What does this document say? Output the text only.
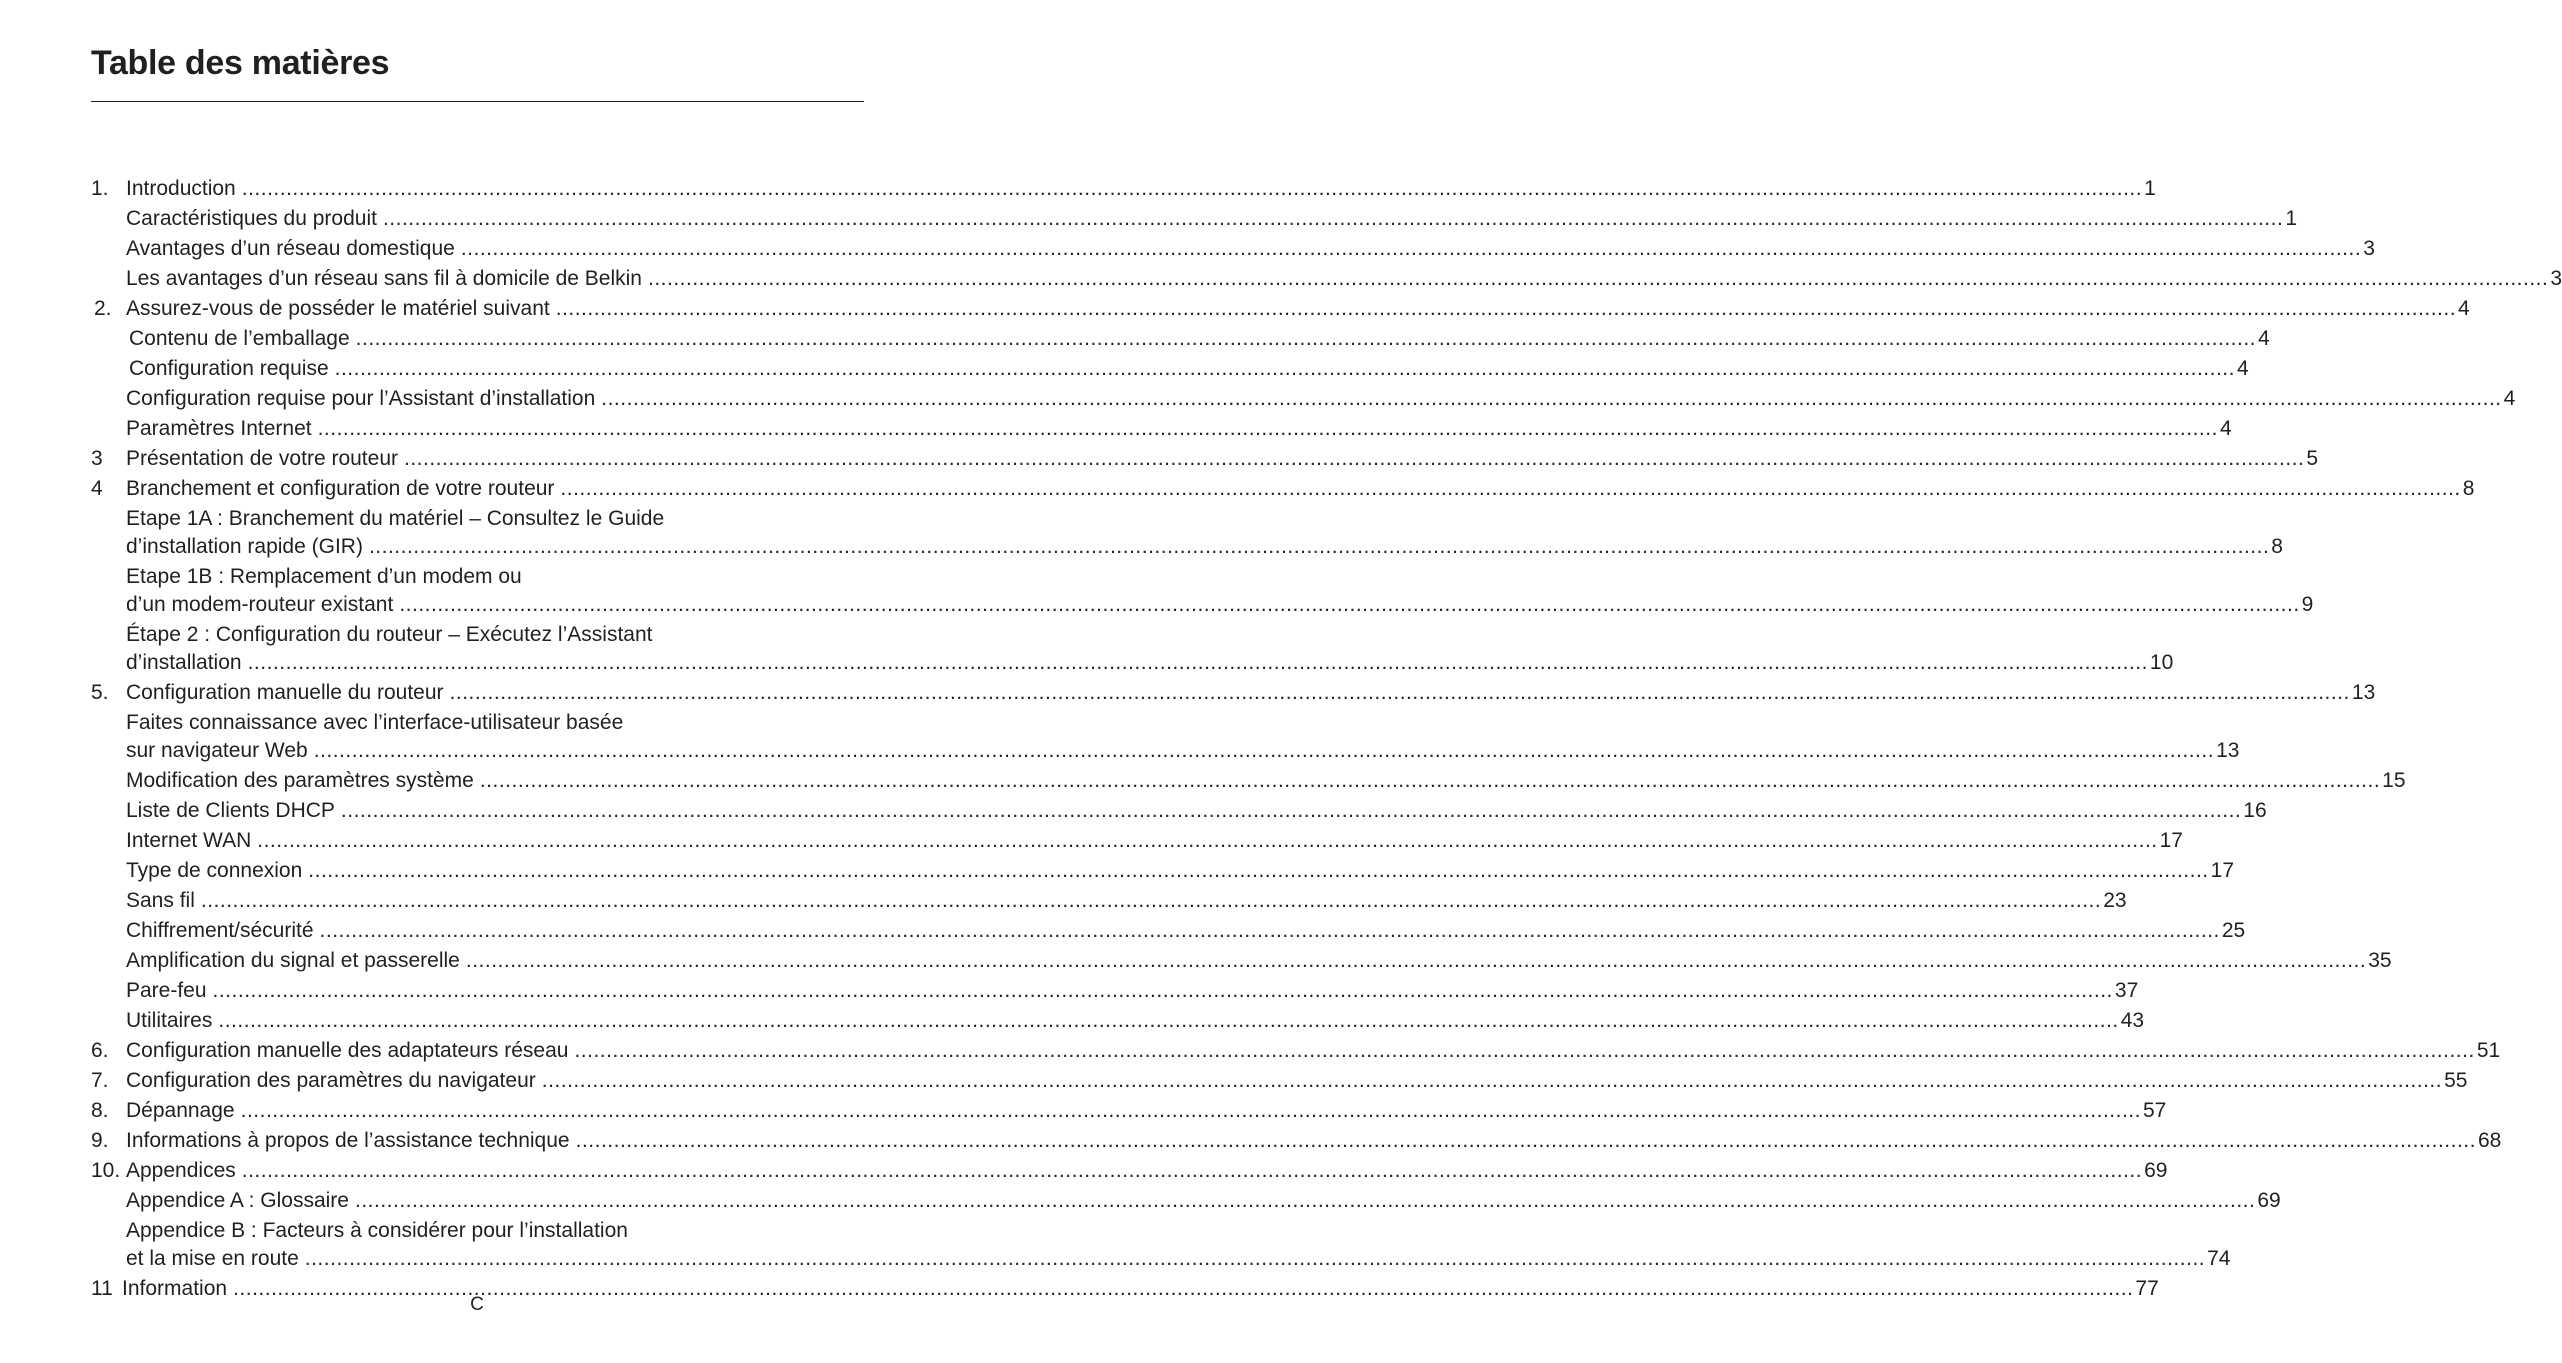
Table des matières
1. Introduction ............................................................................................................................................................................................................................................................................................................ 1
Caractéristiques du produit ............................................................................................................................................................................................................................................................................................................ 1
Avantages d’un réseau domestique ............................................................................................................................................................................................................................................................................................................ 3
Les avantages d’un réseau sans fil à domicile de Belkin ............................................................................................................................................................................................................................................................................................................ 3
2. Assurez-vous de posséder le matériel suivant ............................................................................................................................................................................................................................................................................................................ 4
Contenu de l’emballage ............................................................................................................................................................................................................................................................................................................ 4
Configuration requise ............................................................................................................................................................................................................................................................................................................ 4
Configuration requise pour l’Assistant d’installation ............................................................................................................................................................................................................................................................................................................ 4
Paramètres Internet ............................................................................................................................................................................................................................................................................................................ 4
3 Présentation de votre routeur ............................................................................................................................................................................................................................................................................................................ 5
4 Branchement et configuration de votre routeur ............................................................................................................................................................................................................................................................................................................ 8
Etape 1A : Branchement du matériel – Consultez le Guide
d’installation rapide (GIR) ............................................................................................................................................................................................................................................................................................................ 8
Etape 1B : Remplacement d’un modem ou
d’un modem-routeur existant ............................................................................................................................................................................................................................................................................................................ 9
Étape 2 : Configuration du routeur – Exécutez l’Assistant
d’installation ............................................................................................................................................................................................................................................................................................................ 10
5. Configuration manuelle du routeur ............................................................................................................................................................................................................................................................................................................ 13
Faites connaissance avec l’interface-utilisateur basée
sur navigateur Web ............................................................................................................................................................................................................................................................................................................ 13
Modification des paramètres système ............................................................................................................................................................................................................................................................................................................ 15
Liste de Clients DHCP ............................................................................................................................................................................................................................................................................................................ 16
Internet WAN ............................................................................................................................................................................................................................................................................................................ 17
Type de connexion ............................................................................................................................................................................................................................................................................................................ 17
Sans fil ............................................................................................................................................................................................................................................................................................................ 23
Chiffrement/sécurité ............................................................................................................................................................................................................................................................................................................ 25
Amplification du signal et passerelle ............................................................................................................................................................................................................................................................................................................ 35
Pare-feu ............................................................................................................................................................................................................................................................................................................ 37
Utilitaires ............................................................................................................................................................................................................................................................................................................ 43
6. Configuration manuelle des adaptateurs réseau ............................................................................................................................................................................................................................................................................................................ 51
7. Configuration des paramètres du navigateur ............................................................................................................................................................................................................................................................................................................ 55
8. Dépannage ............................................................................................................................................................................................................................................................................................................ 57
9. Informations à propos de l’assistance technique ............................................................................................................................................................................................................................................................................................................ 68
10. Appendices ............................................................................................................................................................................................................................................................................................................ 69
Appendice A : Glossaire ............................................................................................................................................................................................................................................................................................................ 69
Appendice B : Facteurs à considérer pour l’installation
et la mise en route ............................................................................................................................................................................................................................................................................................................ 74
11 Information ............................................................................................................................................................................................................................................................................................................ 77
C
